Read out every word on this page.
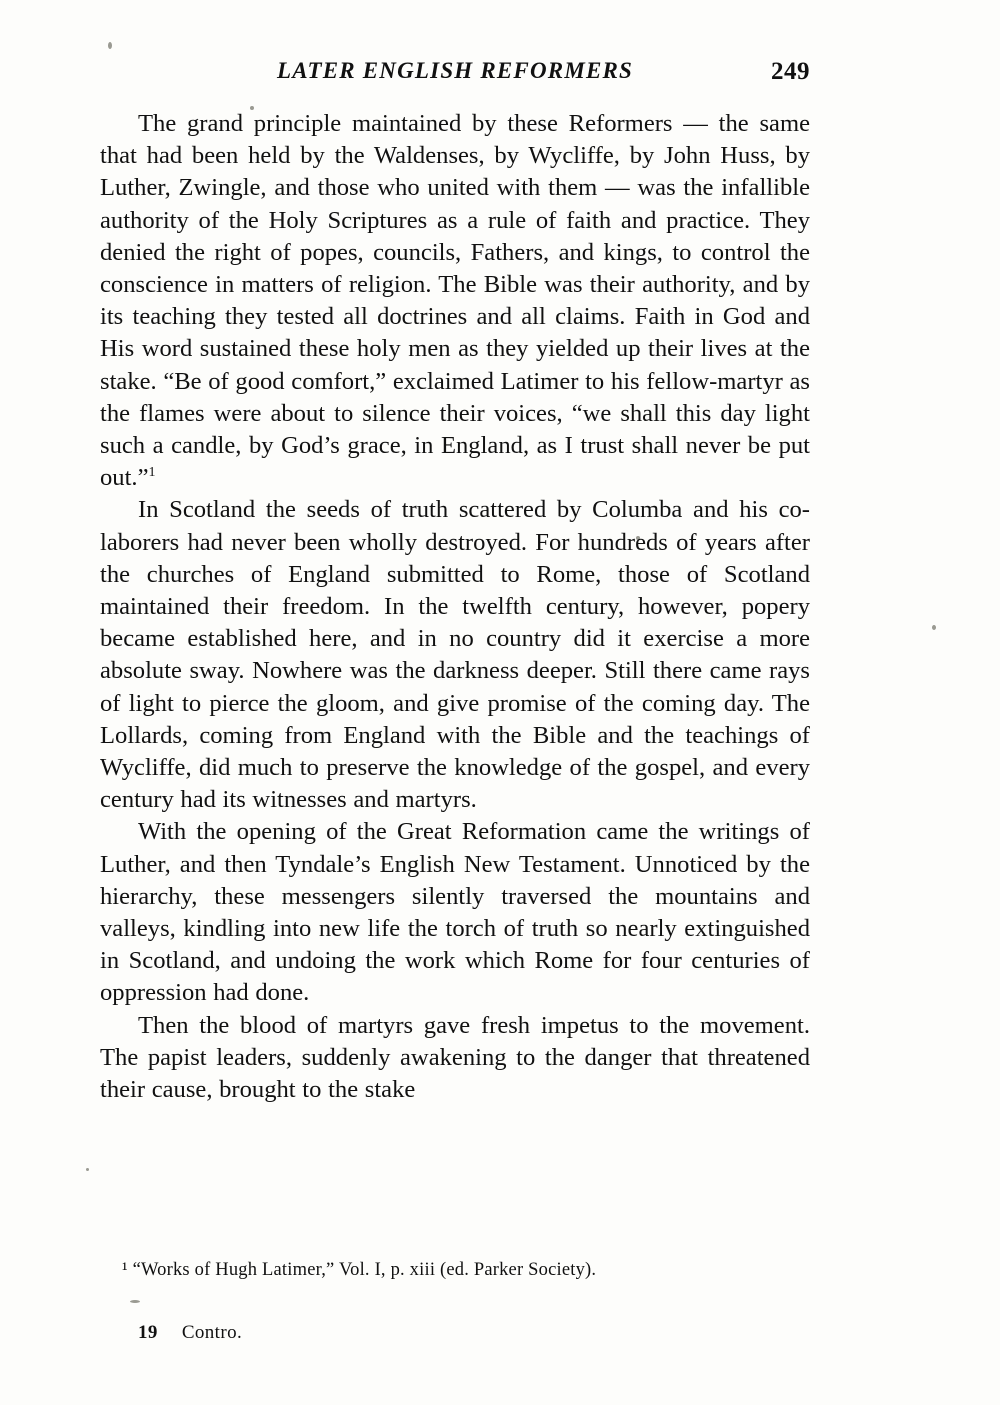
LATER ENGLISH REFORMERS	249

The grand principle maintained by these Reformers — the same that had been held by the Waldenses, by Wycliffe, by John Huss, by Luther, Zwingle, and those who united with them — was the infallible authority of the Holy Scriptures as a rule of faith and practice. They denied the right of popes, councils, Fathers, and kings, to control the conscience in matters of religion. The Bible was their authority, and by its teaching they tested all doctrines and all claims. Faith in God and His word sustained these holy men as they yielded up their lives at the stake. “Be of good comfort,” exclaimed Latimer to his fellow-martyr as the flames were about to silence their voices, “we shall this day light such a candle, by God’s grace, in England, as I trust shall never be put out.”$^1$

In Scotland the seeds of truth scattered by Columba and his co-laborers had never been wholly destroyed. For hundreds of years after the churches of England submitted to Rome, those of Scotland maintained their freedom. In the twelfth century, however, popery became established here, and in no country did it exercise a more absolute sway. Nowhere was the darkness deeper. Still there came rays of light to pierce the gloom, and give promise of the coming day. The Lollards, coming from England with the Bible and the teachings of Wycliffe, did much to preserve the knowledge of the gospel, and every century had its witnesses and martyrs.

With the opening of the Great Reformation came the writings of Luther, and then Tyndale’s English New Testament. Unnoticed by the hierarchy, these messengers silently traversed the mountains and valleys, kindling into new life the torch of truth so nearly extinguished in Scotland, and undoing the work which Rome for four centuries of oppression had done.

Then the blood of martyrs gave fresh impetus to the movement. The papist leaders, suddenly awakening to the danger that threatened their cause, brought to the stake

¹ “Works of Hugh Latimer,” Vol. I, p. xiii (ed. Parker Society).
19 Contro.
